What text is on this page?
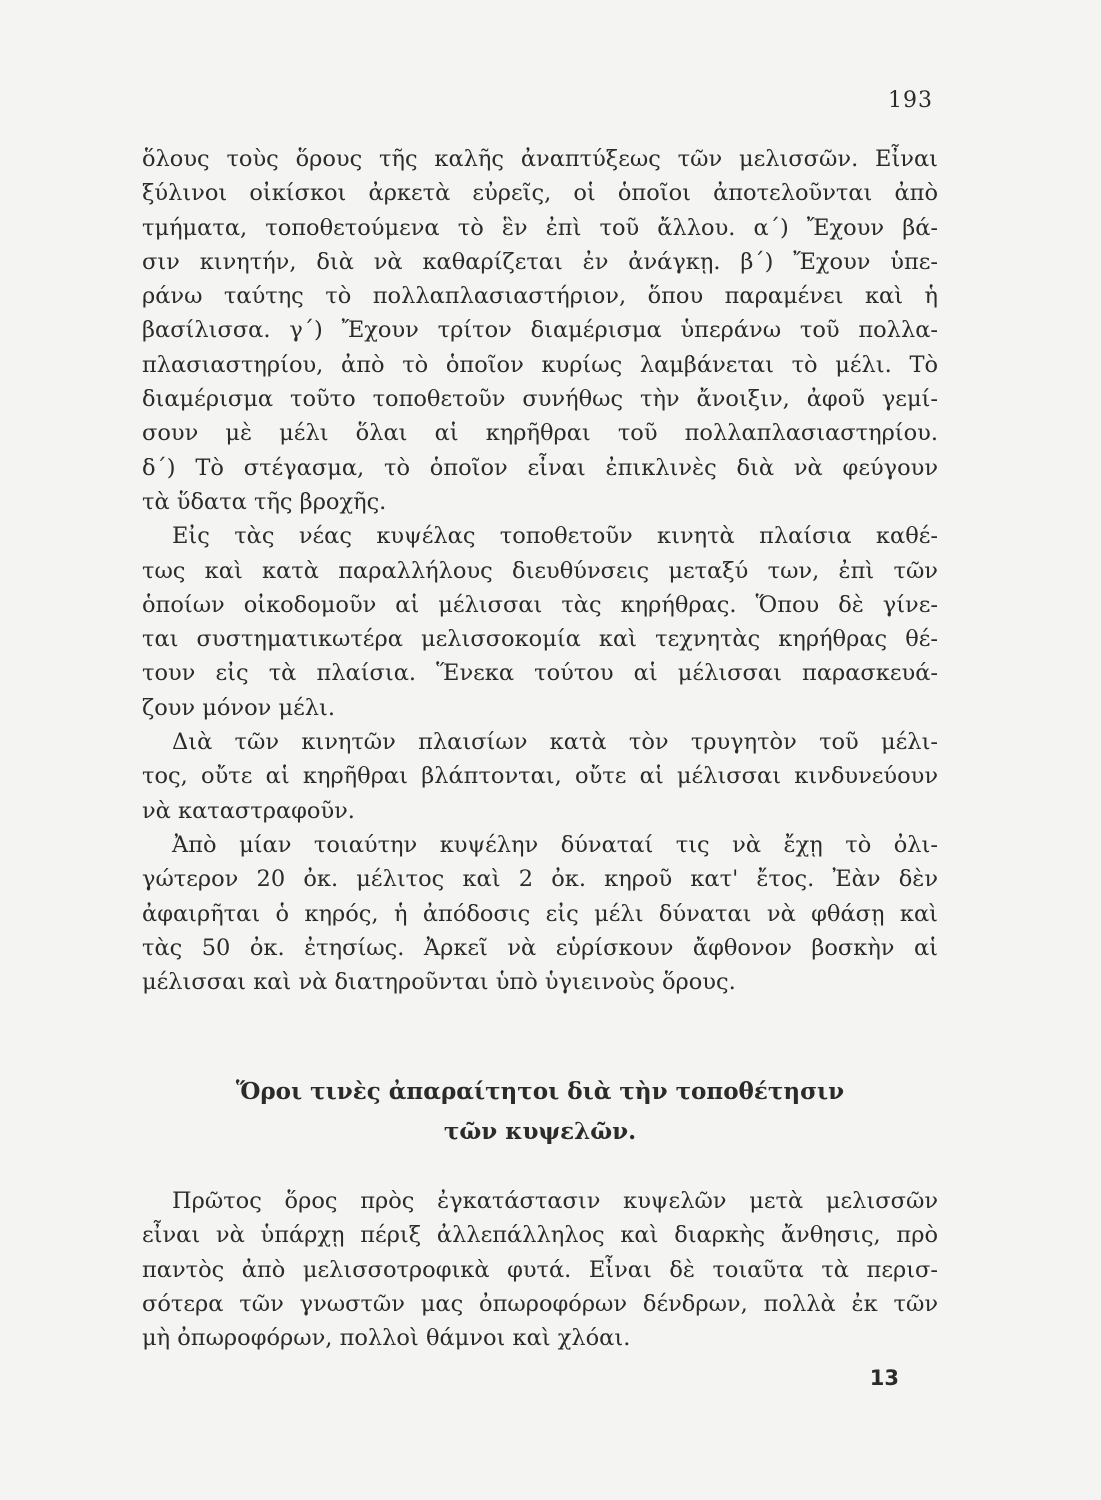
193
ὅλους τοὺς ὅρους τῆς καλῆς ἀναπτύξεως τῶν μελισσῶν. Εἶναι
ξύλινοι οἰκίσκοι ἀρκετὰ εὐρεῖς, οἱ ὁποῖοι ἀποτελοῦνται ἀπὸ
τμήματα, τοποθετούμενα τὸ ἓν ἐπὶ τοῦ ἄλλου. α΄) Ἔχουν βά-
σιν κινητήν, διὰ νὰ καθαρίζεται ἐν ἀνάγκῃ. β΄) Ἔχουν ὑπε-
ράνω ταύτης τὸ πολλαπλασιαστήριον, ὅπου παραμένει καὶ ἡ
βασίλισσα. γ΄) Ἔχουν τρίτον διαμέρισμα ὑπεράνω τοῦ πολλα-
πλασιαστηρίου, ἀπὸ τὸ ὁποῖον κυρίως λαμβάνεται τὸ μέλι. Τὸ
διαμέρισμα τοῦτο τοποθετοῦν συνήθως τὴν ἄνοιξιν, ἀφοῦ γεμί-
σουν μὲ μέλι ὅλαι αἱ κηρῆθραι τοῦ πολλαπλασιαστηρίου.
δ΄) Τὸ στέγασμα, τὸ ὁποῖον εἶναι ἐπικλινὲς διὰ νὰ φεύγουν
τὰ ὕδατα τῆς βροχῆς.
Εἰς τὰς νέας κυψέλας τοποθετοῦν κινητὰ πλαίσια καθέ-
τως καὶ κατὰ παραλλήλους διευθύνσεις μεταξύ των, ἐπὶ τῶν
ὁποίων οἰκοδομοῦν αἱ μέλισσαι τὰς κηρήθρας. Ὅπου δὲ γίνε-
ται συστηματικωτέρα μελισσοκομία καὶ τεχνητὰς κηρήθρας θέ-
τουν εἰς τὰ πλαίσια. Ἕνεκα τούτου αἱ μέλισσαι παρασκευά-
ζουν μόνον μέλι.
Διὰ τῶν κινητῶν πλαισίων κατὰ τὸν τρυγητὸν τοῦ μέλι-
τος, οὔτε αἱ κηρῆθραι βλάπτονται, οὔτε αἱ μέλισσαι κινδυνεύουν
νὰ καταστραφοῦν.
Ἀπὸ μίαν τοιαύτην κυψέλην δύναταί τις νὰ ἔχῃ τὸ ὀλι-
γώτερον 20 ὀκ. μέλιτος καὶ 2 ὀκ. κηροῦ κατ' ἔτος. Ἐὰν δὲν
ἀφαιρῆται ὁ κηρός, ἡ ἀπόδοσις εἰς μέλι δύναται νὰ φθάσῃ καὶ
τὰς 50 ὀκ. ἐτησίως. Ἀρκεῖ νὰ εὑρίσκουν ἄφθονον βοσκὴν αἱ
μέλισσαι καὶ νὰ διατηροῦνται ὑπὸ ὑγιεινοὺς ὅρους.
Ὅροι τινὲς ἀπαραίτητοι διὰ τὴν τοποθέτησιν
τῶν κυψελῶν.
Πρῶτος ὅρος πρὸς ἐγκατάστασιν κυψελῶν μετὰ μελισσῶν
εἶναι νὰ ὑπάρχῃ πέριξ ἀλλεπάλληλος καὶ διαρκὴς ἄνθησις, πρὸ
παντὸς ἀπὸ μελισσοτροφικὰ φυτά. Εἶναι δὲ τοιαῦτα τὰ περισ-
σότερα τῶν γνωστῶν μας ὀπωροφόρων δένδρων, πολλὰ ἐκ τῶν
μὴ ὀπωροφόρων, πολλοὶ θάμνοι καὶ χλόαι.
13
